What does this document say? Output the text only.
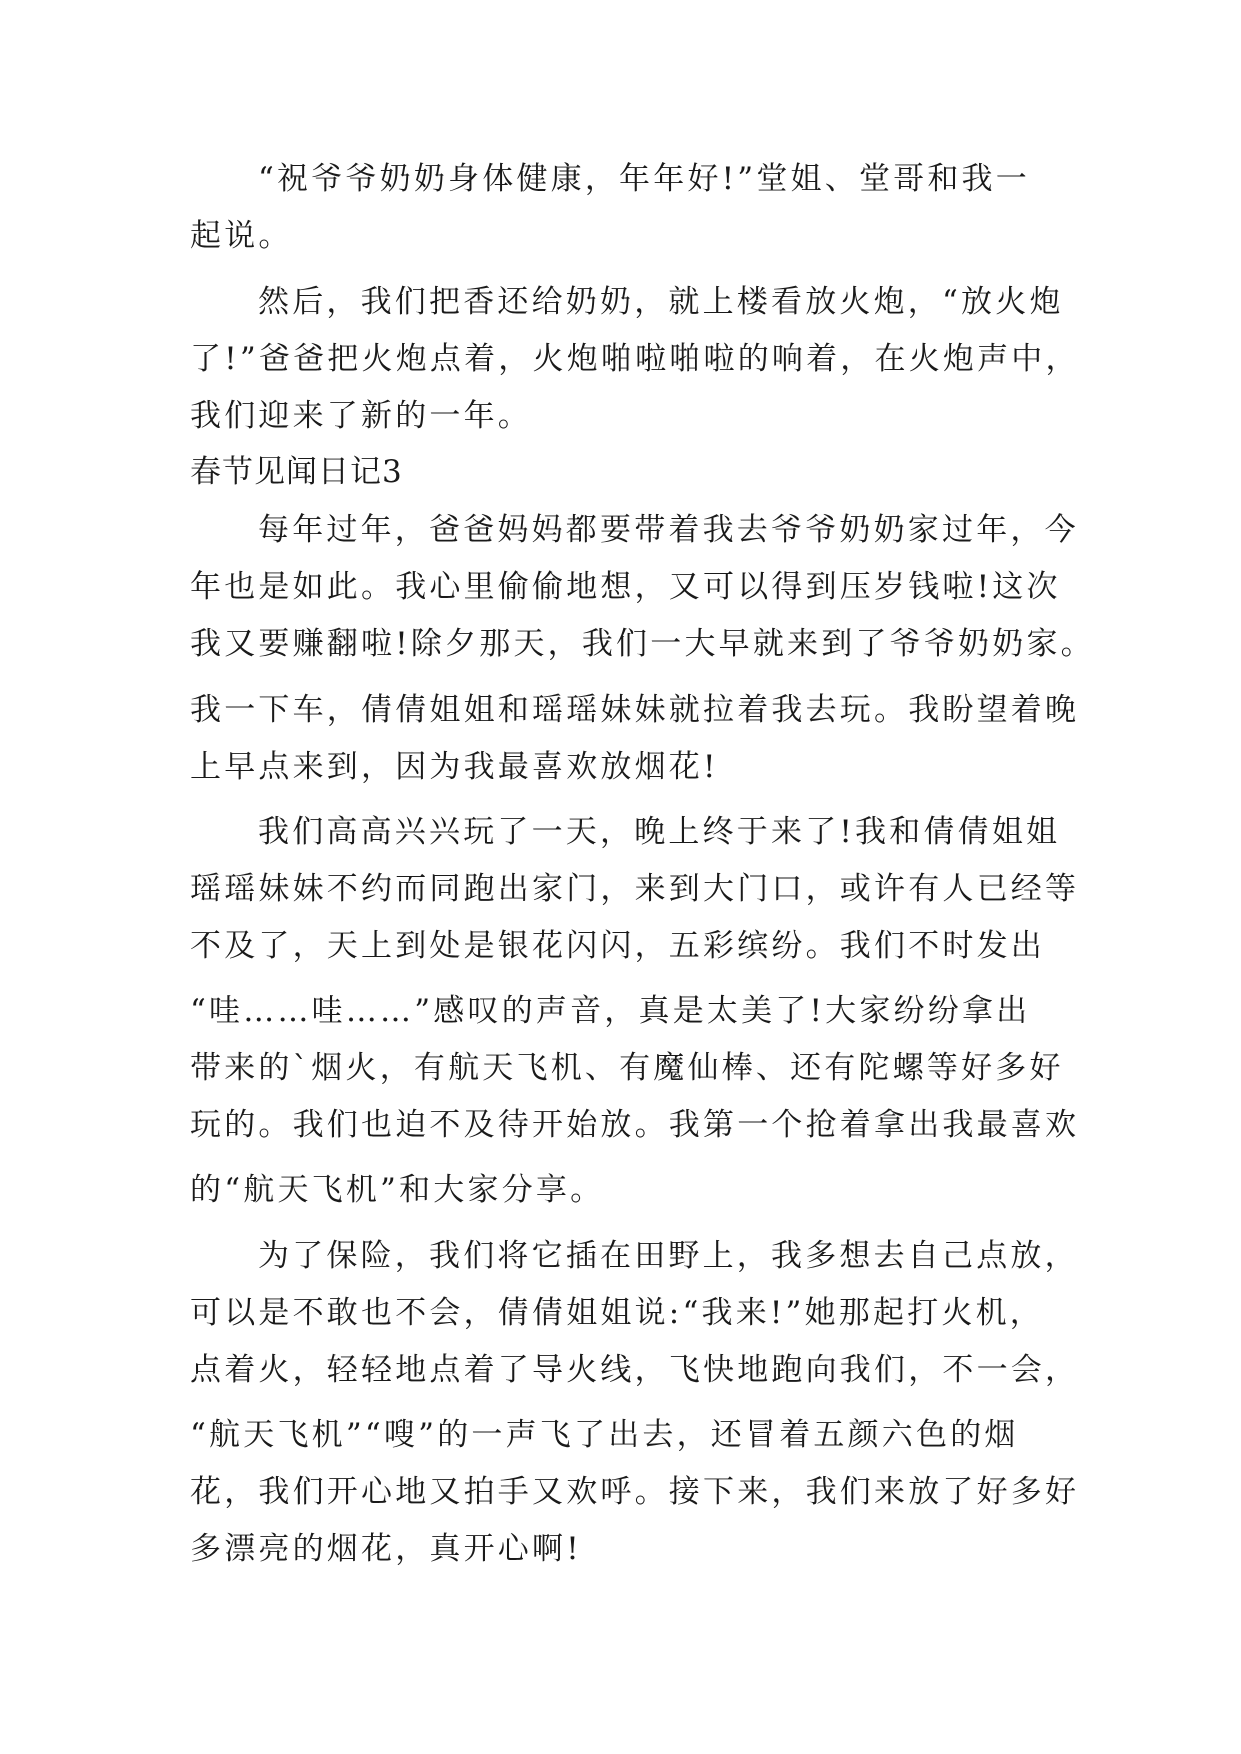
“祝爷爷奶奶身体健康，年年好!”堂姐、堂哥和我一
起说。
然后，我们把香还给奶奶，就上楼看放火炮，“放火炮
了!”爸爸把火炮点着，火炮啪啦啪啦的响着，在火炮声中，
我们迎来了新的一年。
春节见闻日记3
每年过年，爸爸妈妈都要带着我去爷爷奶奶家过年，今
年也是如此。我心里偷偷地想，又可以得到压岁钱啦!这次
我又要赚翻啦!除夕那天，我们一大早就来到了爷爷奶奶家。
我一下车，倩倩姐姐和瑶瑶妹妹就拉着我去玩。我盼望着晚
上早点来到，因为我最喜欢放烟花!
我们高高兴兴玩了一天，晚上终于来了!我和倩倩姐姐
瑶瑶妹妹不约而同跑出家门，来到大门口，或许有人已经等
不及了，天上到处是银花闪闪，五彩缤纷。我们不时发出
“哇……哇……”感叹的声音，真是太美了!大家纷纷拿出
带来的`烟火，有航天飞机、有魔仙棒、还有陀螺等好多好
玩的。我们也迫不及待开始放。我第一个抢着拿出我最喜欢
的“航天飞机”和大家分享。
为了保险，我们将它插在田野上，我多想去自己点放，
可以是不敢也不会，倩倩姐姐说:“我来!”她那起打火机，
点着火，轻轻地点着了导火线，飞快地跑向我们，不一会，
“航天飞机”“嗖”的一声飞了出去，还冒着五颜六色的烟
花，我们开心地又拍手又欢呼。接下来，我们来放了好多好
多漂亮的烟花，真开心啊!
